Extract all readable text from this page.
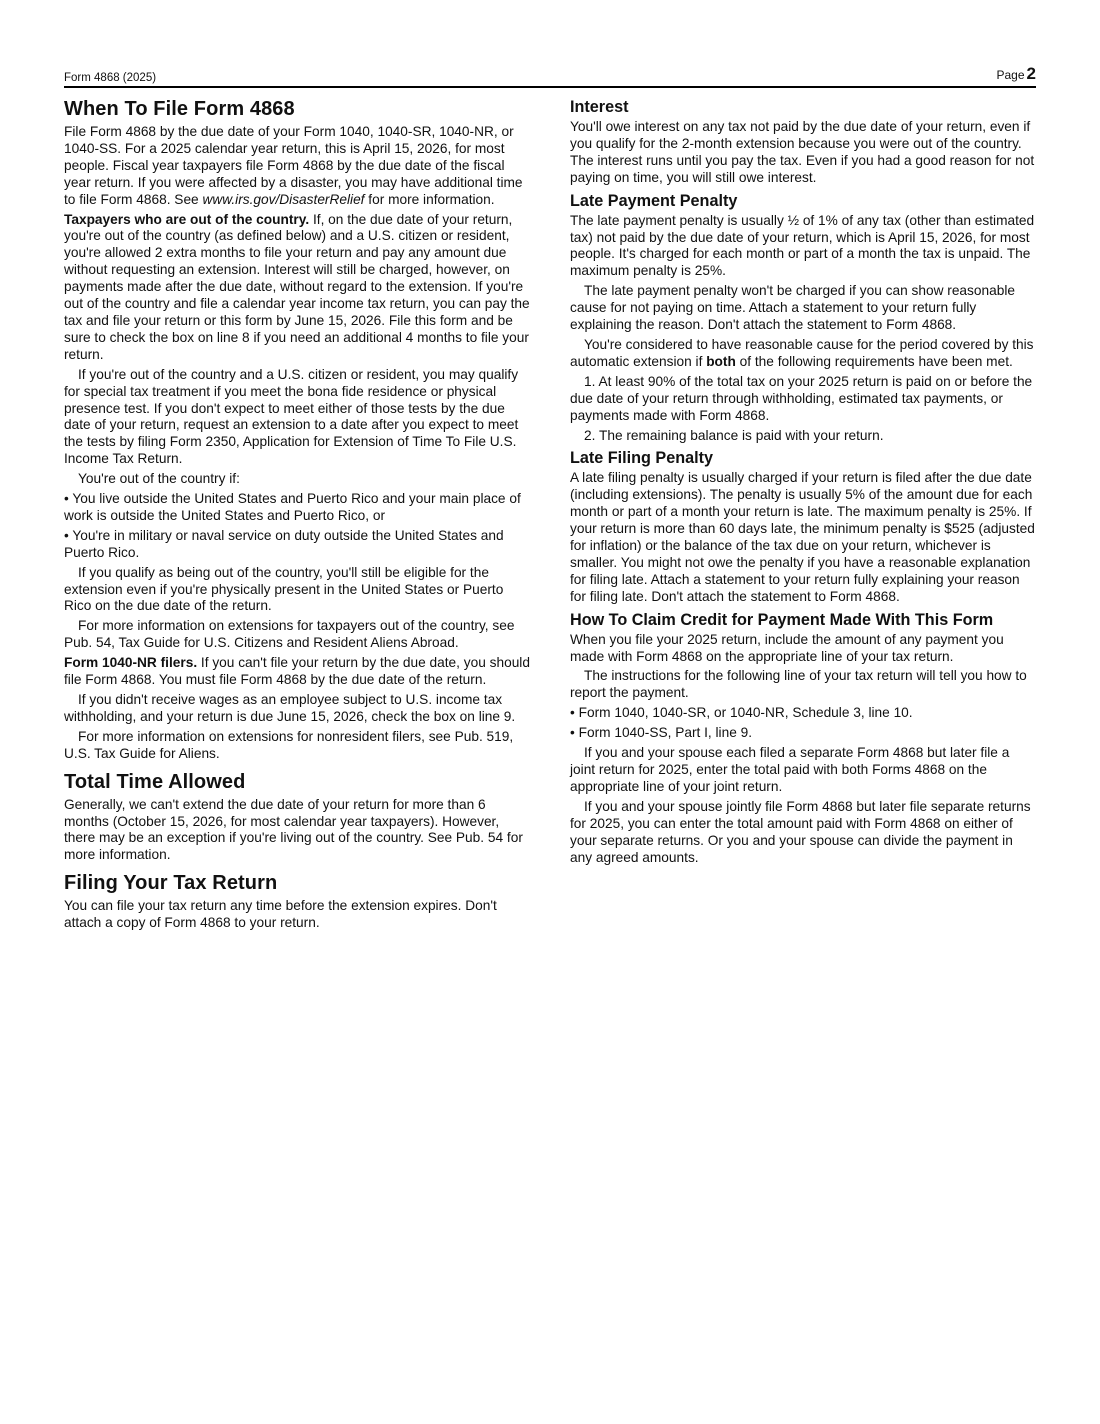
Form 4868 (2025)	Page 2
When To File Form 4868

File Form 4868 by the due date of your Form 1040, 1040-SR, 1040-NR, or 1040-SS. For a 2025 calendar year return, this is April 15, 2026, for most people. Fiscal year taxpayers file Form 4868 by the due date of the fiscal year return. If you were affected by a disaster, you may have additional time to file Form 4868. See www.irs.gov/DisasterRelief for more information.

Taxpayers who are out of the country. If, on the due date of your return, you're out of the country (as defined below) and a U.S. citizen or resident, you're allowed 2 extra months to file your return and pay any amount due without requesting an extension. Interest will still be charged, however, on payments made after the due date, without regard to the extension. If you're out of the country and file a calendar year income tax return, you can pay the tax and file your return or this form by June 15, 2026. File this form and be sure to check the box on line 8 if you need an additional 4 months to file your return.

If you're out of the country and a U.S. citizen or resident, you may qualify for special tax treatment if you meet the bona fide residence or physical presence test. If you don't expect to meet either of those tests by the due date of your return, request an extension to a date after you expect to meet the tests by filing Form 2350, Application for Extension of Time To File U.S. Income Tax Return.

You're out of the country if:

• You live outside the United States and Puerto Rico and your main place of work is outside the United States and Puerto Rico, or

• You're in military or naval service on duty outside the United States and Puerto Rico.

If you qualify as being out of the country, you'll still be eligible for the extension even if you're physically present in the United States or Puerto Rico on the due date of the return.

For more information on extensions for taxpayers out of the country, see Pub. 54, Tax Guide for U.S. Citizens and Resident Aliens Abroad.

Form 1040-NR filers. If you can't file your return by the due date, you should file Form 4868. You must file Form 4868 by the due date of the return.

If you didn't receive wages as an employee subject to U.S. income tax withholding, and your return is due June 15, 2026, check the box on line 9.

For more information on extensions for nonresident filers, see Pub. 519, U.S. Tax Guide for Aliens.

Total Time Allowed

Generally, we can't extend the due date of your return for more than 6 months (October 15, 2026, for most calendar year taxpayers). However, there may be an exception if you're living out of the country. See Pub. 54 for more information.

Filing Your Tax Return

You can file your tax return any time before the extension expires. Don't attach a copy of Form 4868 to your return.

Interest

You'll owe interest on any tax not paid by the due date of your return, even if you qualify for the 2-month extension because you were out of the country. The interest runs until you pay the tax. Even if you had a good reason for not paying on time, you will still owe interest.

Late Payment Penalty

The late payment penalty is usually ½ of 1% of any tax (other than estimated tax) not paid by the due date of your return, which is April 15, 2026, for most people. It's charged for each month or part of a month the tax is unpaid. The maximum penalty is 25%.

The late payment penalty won't be charged if you can show reasonable cause for not paying on time. Attach a statement to your return fully explaining the reason. Don't attach the statement to Form 4868.

You're considered to have reasonable cause for the period covered by this automatic extension if both of the following requirements have been met.

1. At least 90% of the total tax on your 2025 return is paid on or before the due date of your return through withholding, estimated tax payments, or payments made with Form 4868.

2. The remaining balance is paid with your return.

Late Filing Penalty

A late filing penalty is usually charged if your return is filed after the due date (including extensions). The penalty is usually 5% of the amount due for each month or part of a month your return is late. The maximum penalty is 25%. If your return is more than 60 days late, the minimum penalty is $525 (adjusted for inflation) or the balance of the tax due on your return, whichever is smaller. You might not owe the penalty if you have a reasonable explanation for filing late. Attach a statement to your return fully explaining your reason for filing late. Don't attach the statement to Form 4868.

How To Claim Credit for Payment Made With This Form

When you file your 2025 return, include the amount of any payment you made with Form 4868 on the appropriate line of your tax return.

The instructions for the following line of your tax return will tell you how to report the payment.

• Form 1040, 1040-SR, or 1040-NR, Schedule 3, line 10.

• Form 1040-SS, Part I, line 9.

If you and your spouse each filed a separate Form 4868 but later file a joint return for 2025, enter the total paid with both Forms 4868 on the appropriate line of your joint return.

If you and your spouse jointly file Form 4868 but later file separate returns for 2025, you can enter the total amount paid with Form 4868 on either of your separate returns. Or you and your spouse can divide the payment in any agreed amounts.
